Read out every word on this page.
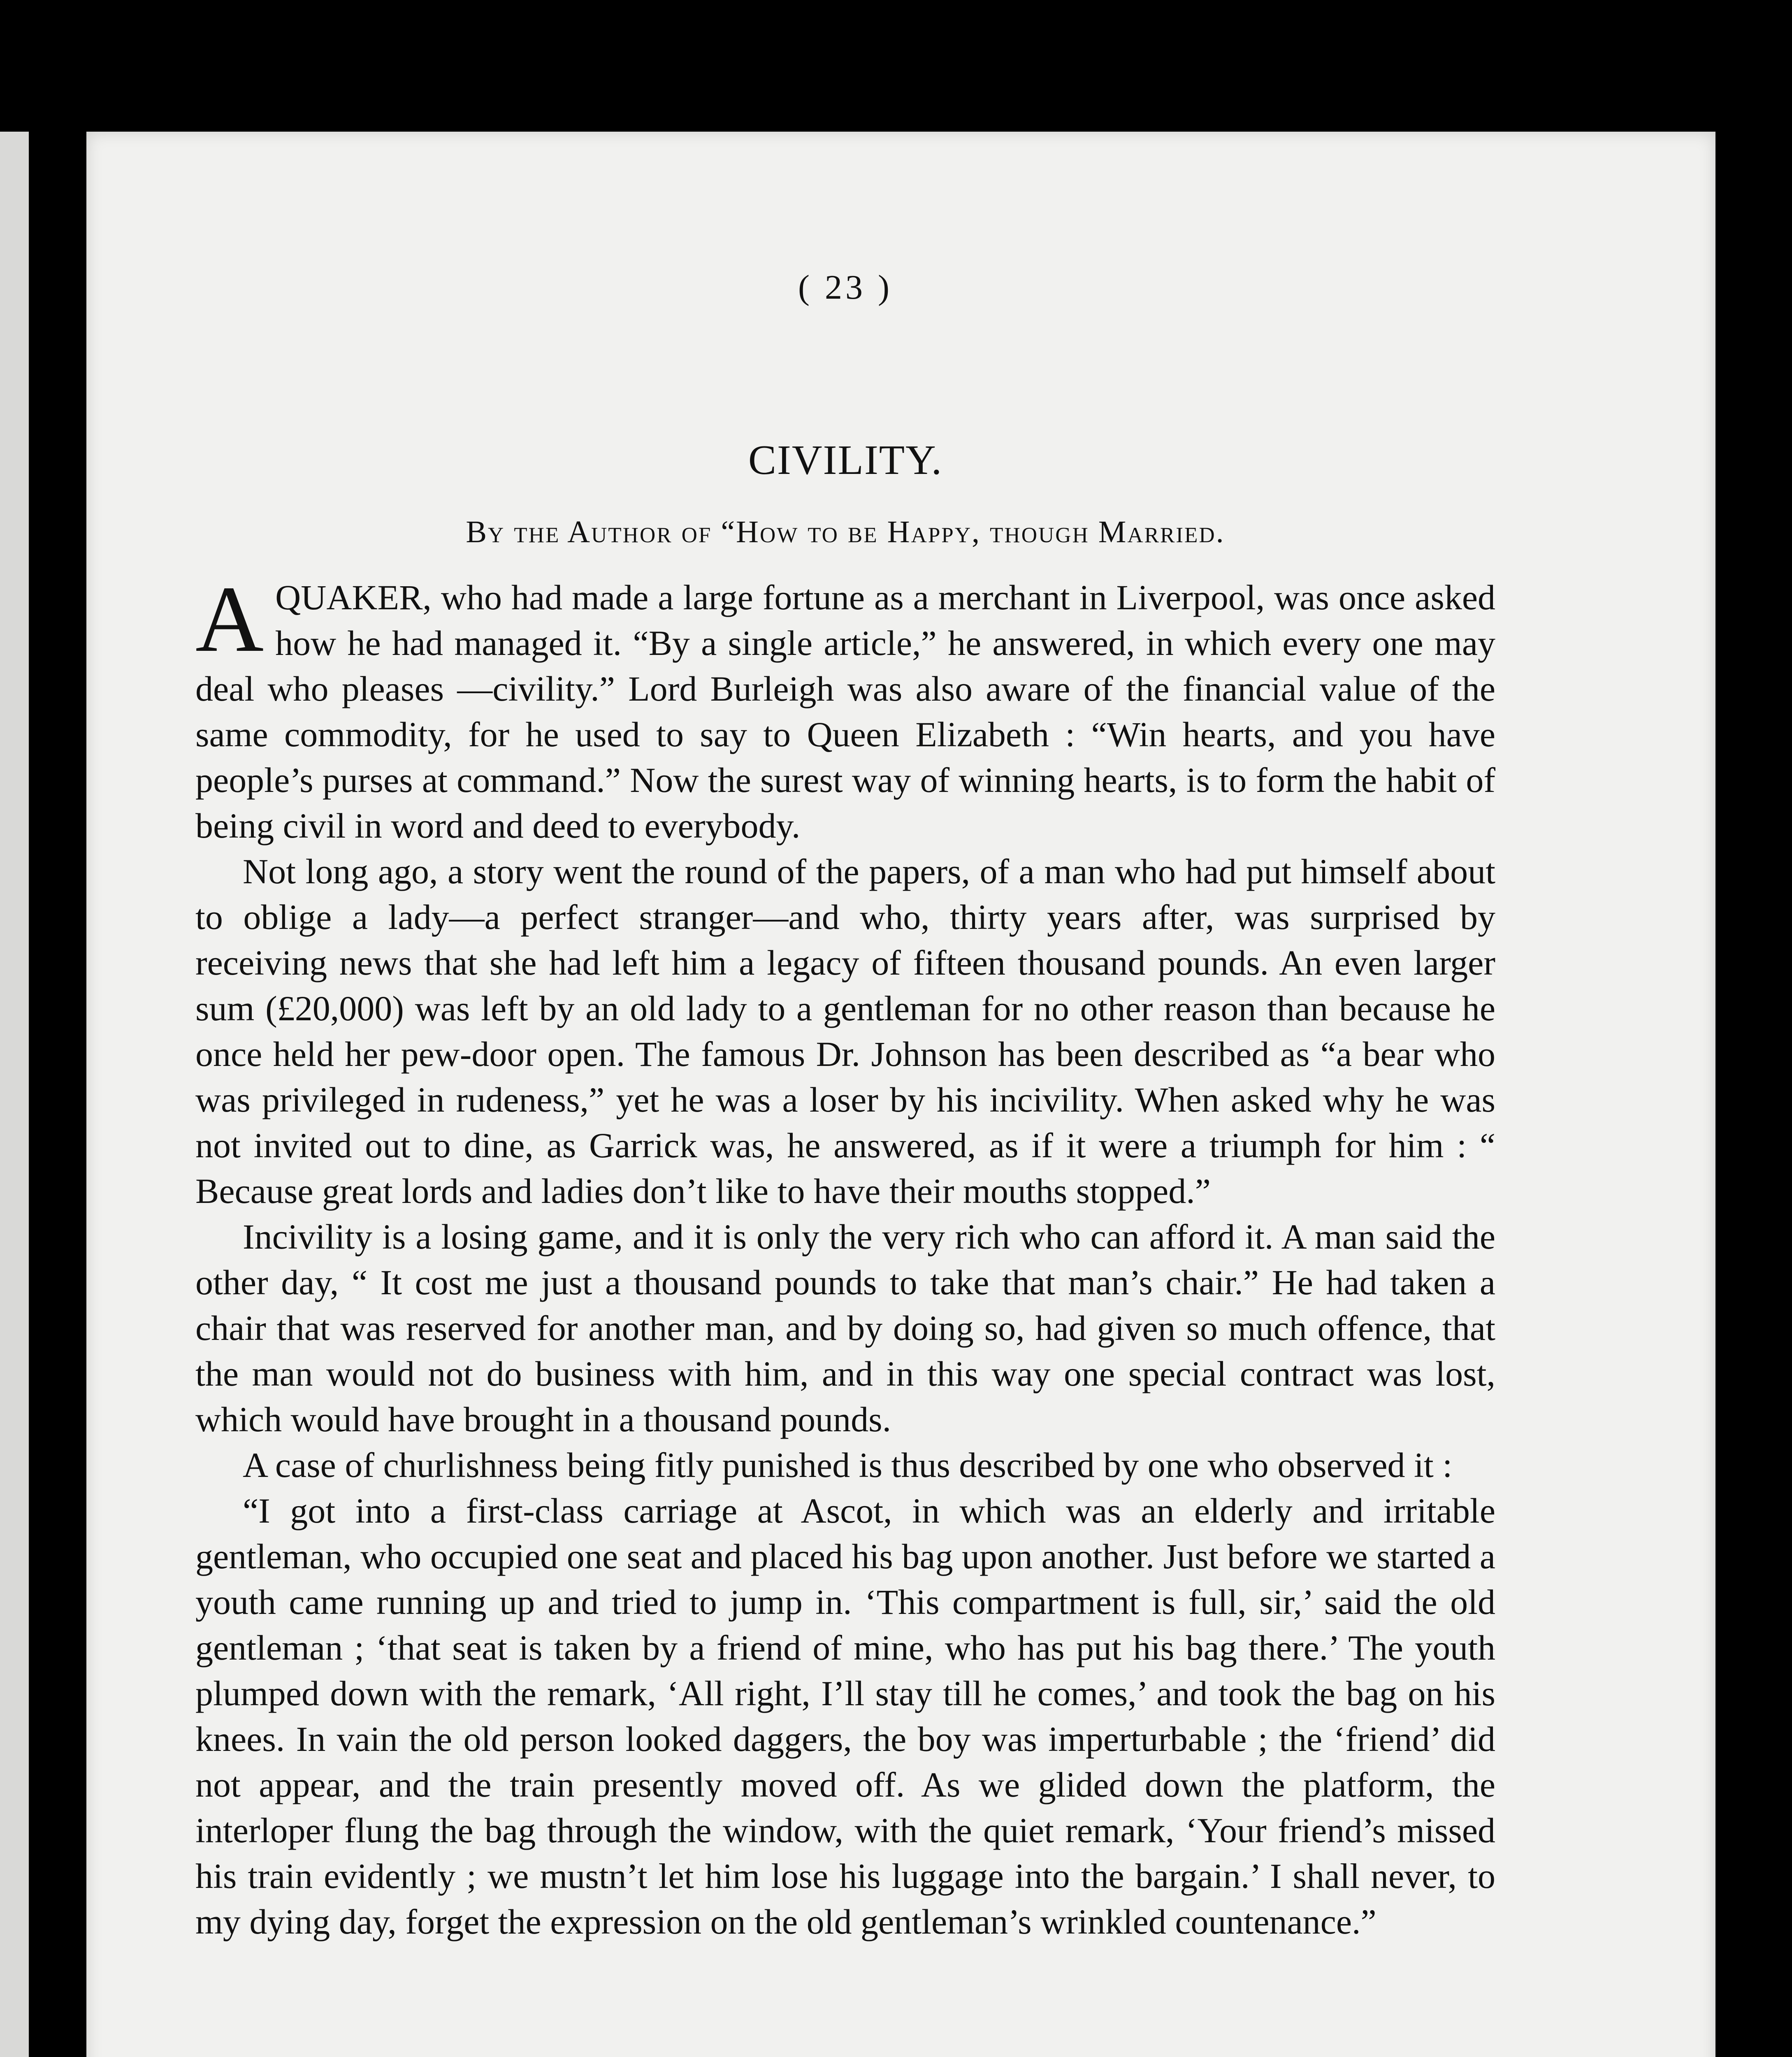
( 23 )

CIVILITY.

By the Author of “How to be Happy, though Married.

A QUAKER, who had made a large fortune as a merchant in Liverpool, was once asked how he had managed it. “By a single article,” he answered, in which every one may deal who pleases —civility.” Lord Burleigh was also aware of the financial value of the same commodity, for he used to say to Queen Elizabeth : “Win hearts, and you have people’s purses at command.” Now the surest way of winning hearts, is to form the habit of being civil in word and deed to everybody.

Not long ago, a story went the round of the papers, of a man who had put himself about to oblige a lady—a perfect stranger—and who, thirty years after, was surprised by receiving news that she had left him a legacy of fifteen thousand pounds. An even larger sum (£20,000) was left by an old lady to a gentleman for no other reason than because he once held her pew-door open. The famous Dr. Johnson has been described as “a bear who was privileged in rudeness,” yet he was a loser by his incivility. When asked why he was not invited out to dine, as Garrick was, he answered, as if it were a triumph for him : “ Because great lords and ladies don’t like to have their mouths stopped.”

Incivility is a losing game, and it is only the very rich who can afford it. A man said the other day, “ It cost me just a thousand pounds to take that man’s chair.” He had taken a chair that was reserved for another man, and by doing so, had given so much offence, that the man would not do business with him, and in this way one special contract was lost, which would have brought in a thousand pounds.

A case of churlishness being fitly punished is thus described by one who observed it :

“I got into a first-class carriage at Ascot, in which was an elderly and irritable gentleman, who occupied one seat and placed his bag upon another. Just before we started a youth came running up and tried to jump in. ‘This compartment is full, sir,’ said the old gentleman ; ‘that seat is taken by a friend of mine, who has put his bag there.’ The youth plumped down with the remark, ‘All right, I’ll stay till he comes,’ and took the bag on his knees. In vain the old person looked daggers, the boy was imperturbable ; the ‘friend’ did not appear, and the train presently moved off. As we glided down the platform, the interloper flung the bag through the window, with the quiet remark, ‘Your friend’s missed his train evidently ; we mustn’t let him lose his luggage into the bargain.’ I shall never, to my dying day, forget the expression on the old gentleman’s wrinkled countenance.”
